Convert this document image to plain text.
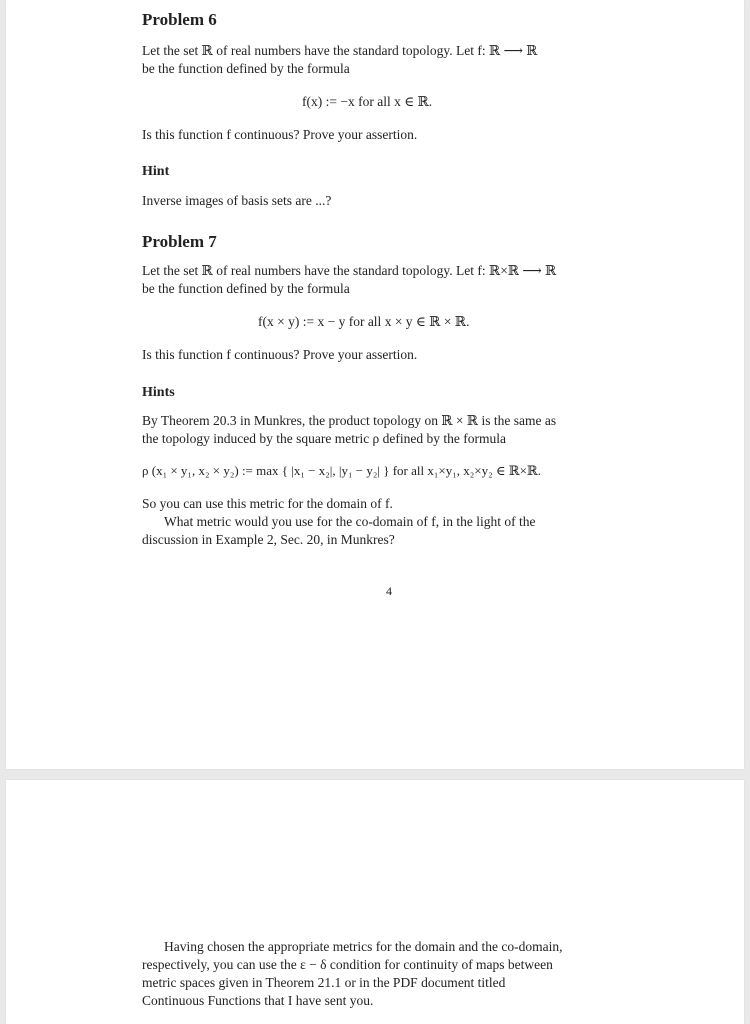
Problem 6

Let the set ℝ of real numbers have the standard topology. Let f: ℝ ⟶ ℝ
be the function defined by the formula

f(x) := −x for all x ∈ ℝ.

Is this function f continuous? Prove your assertion.

Hint

Inverse images of basis sets are ...?

Problem 7

Let the set ℝ of real numbers have the standard topology. Let f: ℝ×ℝ ⟶ ℝ
be the function defined by the formula

f(x × y) := x − y for all x × y ∈ ℝ × ℝ.

Is this function f continuous? Prove your assertion.

Hints

By Theorem 20.3 in Munkres, the product topology on ℝ × ℝ is the same as
the topology induced by the square metric ρ defined by the formula

ρ (x₁ × y₁, x₂ × y₂) := max { |x₁ − x₂|, |y₁ − y₂| } for all x₁×y₁, x₂×y₂ ∈ ℝ×ℝ.

So you can use this metric for the domain of f.
What metric would you use for the co-domain of f, in the light of the
discussion in Example 2, Sec. 20, in Munkres?

4

Having chosen the appropriate metrics for the domain and the co-domain,
respectively, you can use the ε − δ condition for continuity of maps between
metric spaces given in Theorem 21.1 or in the PDF document titled
Continuous Functions that I have sent you.
